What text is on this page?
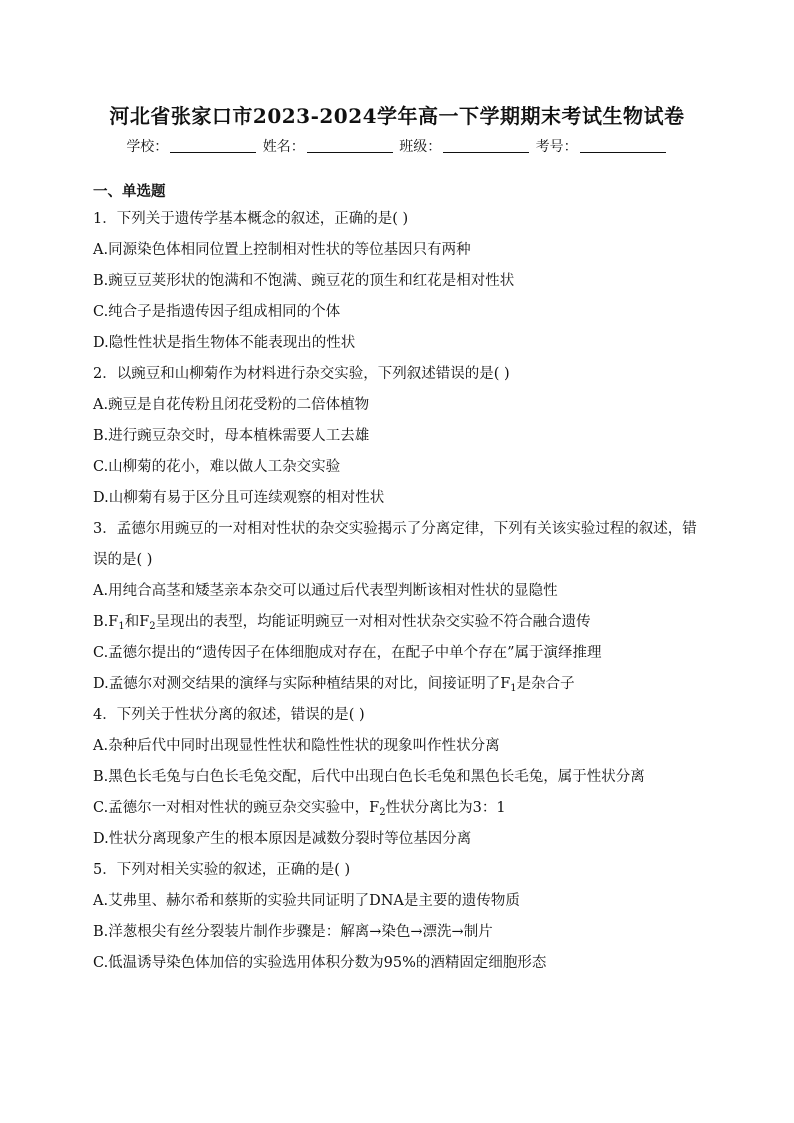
河北省张家口市2023-2024学年高一下学期期末考试生物试卷
学校：	姓名：	班级：	考号：
一、单选题
1．下列关于遗传学基本概念的叙述，正确的是( )
A.同源染色体相同位置上控制相对性状的等位基因只有两种
B.豌豆豆荚形状的饱满和不饱满、豌豆花的顶生和红花是相对性状
C.纯合子是指遗传因子组成相同的个体
D.隐性性状是指生物体不能表现出的性状
2．以豌豆和山柳菊作为材料进行杂交实验，下列叙述错误的是( )
A.豌豆是自花传粉且闭花受粉的二倍体植物
B.进行豌豆杂交时，母本植株需要人工去雄
C.山柳菊的花小，难以做人工杂交实验
D.山柳菊有易于区分且可连续观察的相对性状
3．孟德尔用豌豆的一对相对性状的杂交实验揭示了分离定律，下列有关该实验过程的叙述，错误的是( )
A.用纯合高茎和矮茎亲本杂交可以通过后代表型判断该相对性状的显隐性
$B.F_1$和$F_2$呈现出的表型，均能证明豌豆一对相对性状杂交实验不符合融合遗传
C.孟德尔提出的“遗传因子在体细胞成对存在，在配子中单个存在”属于演绎推理
D.孟德尔对测交结果的演绎与实际种植结果的对比，间接证明了$F_1$是杂合子
4．下列关于性状分离的叙述，错误的是( )
A.杂种后代中同时出现显性性状和隐性性状的现象叫作性状分离
B.黑色长毛兔与白色长毛兔交配，后代中出现白色长毛兔和黑色长毛兔，属于性状分离
C.孟德尔一对相对性状的豌豆杂交实验中，$F_2$性状分离比为3：1
D.性状分离现象产生的根本原因是减数分裂时等位基因分离
5．下列对相关实验的叙述，正确的是( )
A.艾弗里、赫尔希和蔡斯的实验共同证明了DNA是主要的遗传物质
B.洋葱根尖有丝分裂装片制作步骤是：解离→染色→漂洗→制片
C.低温诱导染色体加倍的实验选用体积分数为95%的酒精固定细胞形态
